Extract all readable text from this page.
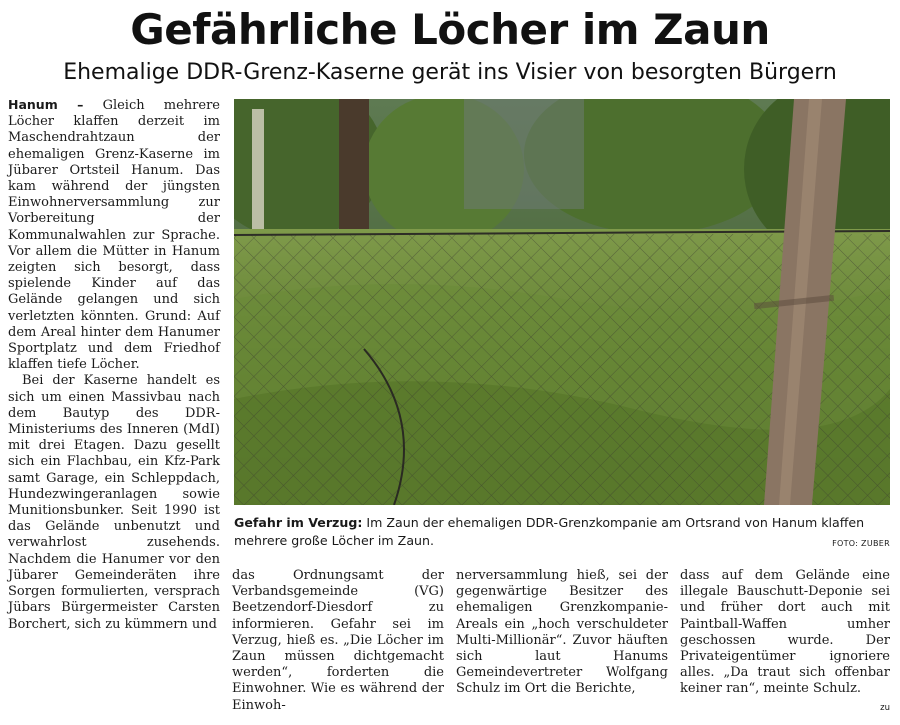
Gefährliche Löcher im Zaun
Ehemalige DDR-Grenz-Kaserne gerät ins Visier von besorgten Bürgern

Hanum – Gleich mehrere Löcher klaffen derzeit im Maschendrahtzaun der ehemaligen Grenz-Kaserne im Jübarer Ortsteil Hanum. Das kam während der jüngsten Einwohnerversammlung zur Vorbereitung der Kommunalwahlen zur Sprache. Vor allem die Mütter in Hanum zeigten sich besorgt, dass spielende Kinder auf das Gelände gelangen und sich verletzten könnten. Grund: Auf dem Areal hinter dem Hanumer Sportplatz und dem Friedhof klaffen tiefe Löcher.

Bei der Kaserne handelt es sich um einen Massivbau nach dem Bautyp des DDR-Ministeriums des Inneren (MdI) mit drei Etagen. Dazu gesellt sich ein Flachbau, ein Kfz-Park samt Garage, ein Schleppdach, Hundezwingeranlagen sowie Munitionsbunker. Seit 1990 ist das Gelände unbenutzt und verwahrlost zusehends. Nachdem die Hanumer vor den Jübarer Gemeinderäten ihre Sorgen formulierten, versprach Jübars Bürgermeister Carsten Borchert, sich zu kümmern und

Gefahr im Verzug: Im Zaun der ehemaligen DDR-Grenzkompanie am Ortsrand von Hanum klaffen mehrere große Löcher im Zaun.	FOTO: ZUBER

das Ordnungsamt der Verbandsgemeinde (VG) Beetzendorf-Diesdorf zu informieren. Gefahr sei im Verzug, hieß es. „Die Löcher im Zaun müssen dichtgemacht werden“, forderten die Einwohner. Wie es während der Einwoh-

nerversammlung hieß, sei der gegenwärtige Besitzer des ehemaligen Grenzkompanie-Areals ein „hoch verschuldeter Multi-Millionär“. Zuvor häuften sich laut Hanums Gemeindevertreter Wolfgang Schulz im Ort die Berichte,

dass auf dem Gelände eine illegale Bauschutt-Deponie sei und früher dort auch mit Paintball-Waffen umher geschossen wurde. Der Privateigentümer ignoriere alles. „Da traut sich offenbar keiner ran“, meinte Schulz.

zu
